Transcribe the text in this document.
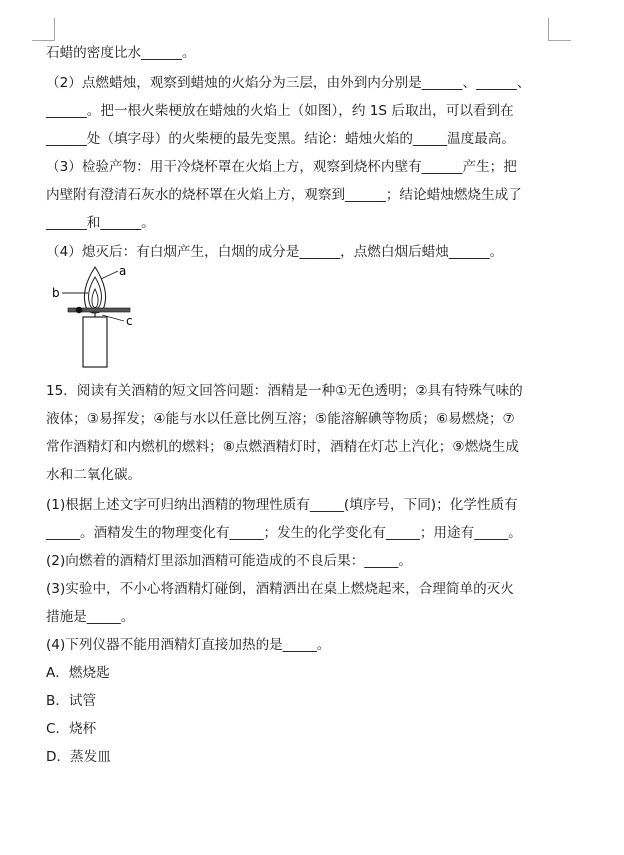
石蜡的密度比水______。
（2）点燃蜡烛，观察到蜡烛的火焰分为三层，由外到内分别是______、______、
______。把一根火柴梗放在蜡烛的火焰上（如图），约 1S 后取出，可以看到在
______处（填字母）的火柴梗的最先变黑。结论：蜡烛火焰的_____温度最高。
（3）检验产物：用干冷烧杯罩在火焰上方，观察到烧杯内壁有______产生；把
内壁附有澄清石灰水的烧杯罩在火焰上方，观察到______；结论蜡烛燃烧生成了
______和______。
（4）熄灭后：有白烟产生，白烟的成分是______，点燃白烟后蜡烛______。
15．阅读有关酒精的短文回答问题：酒精是一种①无色透明；②具有特殊气味的
液体；③易挥发；④能与水以任意比例互溶；⑤能溶解碘等物质；⑥易燃烧；⑦
常作酒精灯和内燃机的燃料；⑧点燃酒精灯时，酒精在灯芯上汽化；⑨燃烧生成
水和二氧化碳。
(1)根据上述文字可归纳出酒精的物理性质有_____(填序号，下同)；化学性质有
_____。酒精发生的物理变化有_____；发生的化学变化有_____；用途有_____。
(2)向燃着的酒精灯里添加酒精可能造成的不良后果：_____。
(3)实验中，不小心将酒精灯碰倒，酒精洒出在桌上燃烧起来，合理简单的灭火
措施是_____。
(4)下列仪器不能用酒精灯直接加热的是_____。
A．燃烧匙
B．试管
C．烧杯
D．蒸发皿
a
b
c
